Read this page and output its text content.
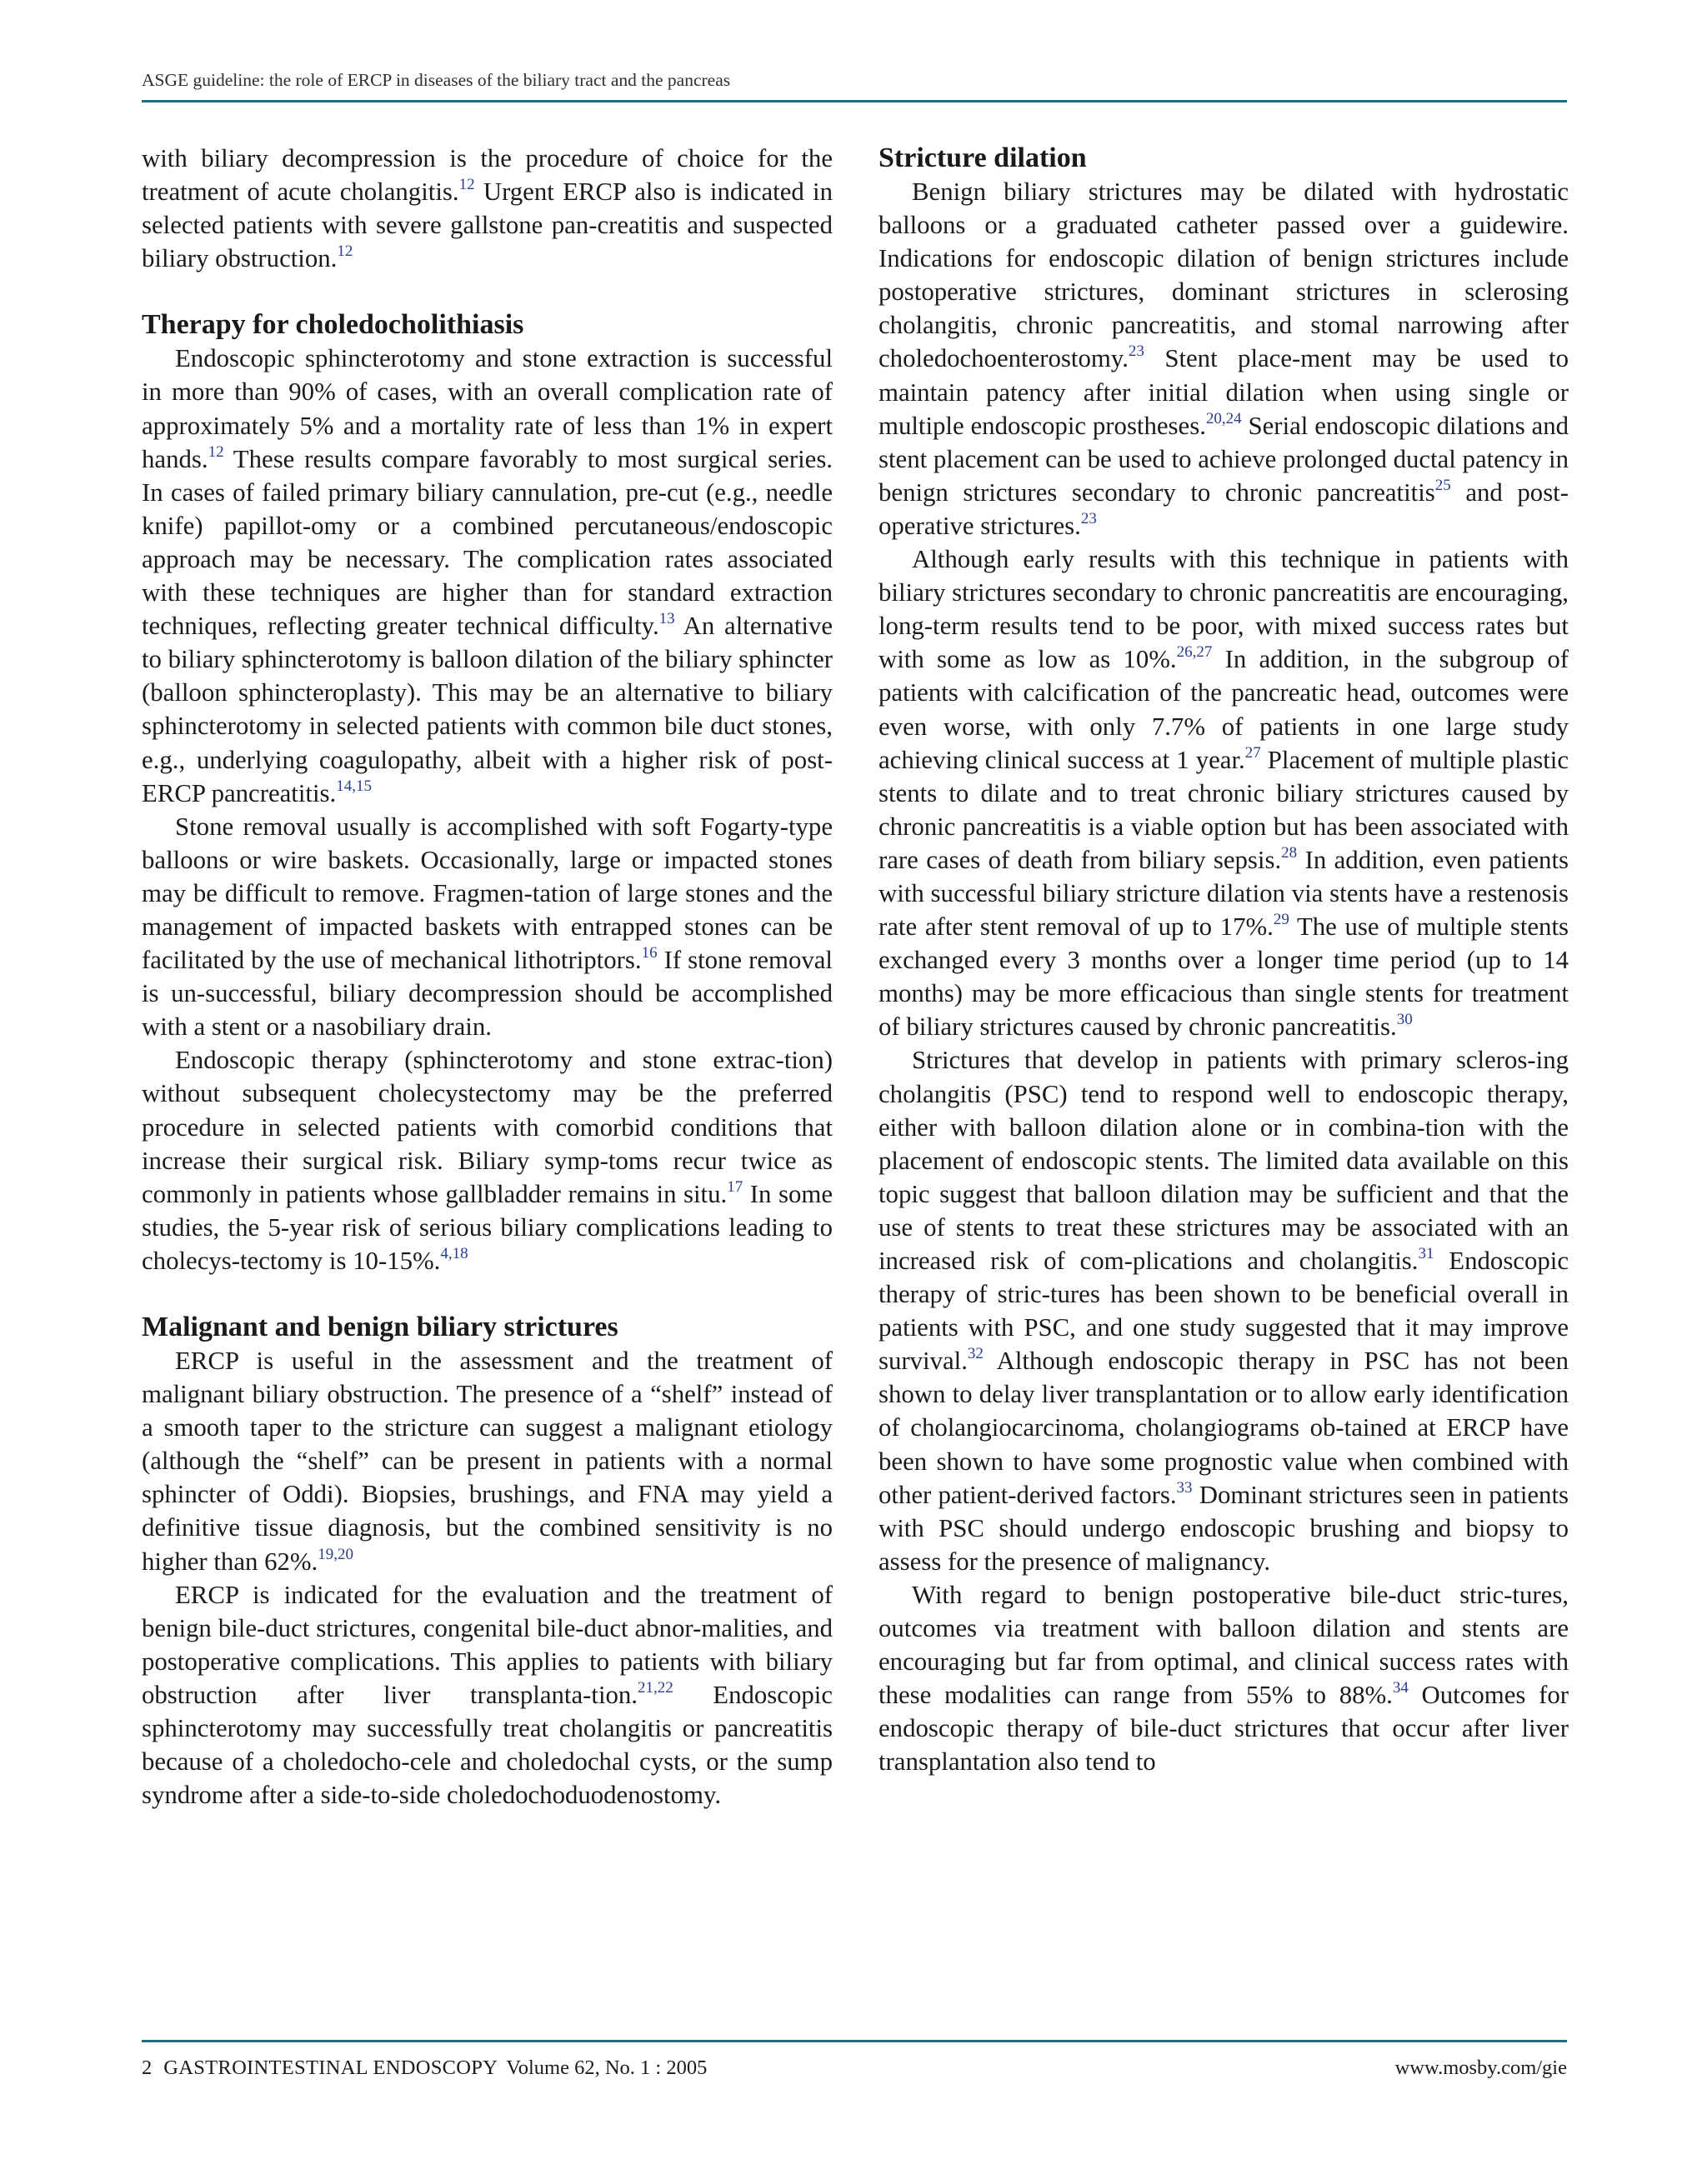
ASGE guideline: the role of ERCP in diseases of the biliary tract and the pancreas

with biliary decompression is the procedure of choice for the treatment of acute cholangitis.$^{12}$ Urgent ERCP also is indicated in selected patients with severe gallstone pan-creatitis and suspected biliary obstruction.$^{12}$

Therapy for choledocholithiasis

Endoscopic sphincterotomy and stone extraction is successful in more than 90% of cases, with an overall complication rate of approximately 5% and a mortality rate of less than 1% in expert hands.$^{12}$ These results compare favorably to most surgical series. In cases of failed primary biliary cannulation, pre-cut (e.g., needle knife) papillot-omy or a combined percutaneous/endoscopic approach may be necessary. The complication rates associated with these techniques are higher than for standard extraction techniques, reflecting greater technical difficulty.$^{13}$ An alternative to biliary sphincterotomy is balloon dilation of the biliary sphincter (balloon sphincteroplasty). This may be an alternative to biliary sphincterotomy in selected patients with common bile duct stones, e.g., underlying coagulopathy, albeit with a higher risk of post-ERCP pancreatitis.$^{14,15}$

Stone removal usually is accomplished with soft Fogarty-type balloons or wire baskets. Occasionally, large or impacted stones may be difficult to remove. Fragmen-tation of large stones and the management of impacted baskets with entrapped stones can be facilitated by the use of mechanical lithotriptors.$^{16}$ If stone removal is un-successful, biliary decompression should be accomplished with a stent or a nasobiliary drain.

Endoscopic therapy (sphincterotomy and stone extrac-tion) without subsequent cholecystectomy may be the preferred procedure in selected patients with comorbid conditions that increase their surgical risk. Biliary symp-toms recur twice as commonly in patients whose gallbladder remains in situ.$^{17}$ In some studies, the 5-year risk of serious biliary complications leading to cholecys-tectomy is 10-15%.$^{4,18}$

Malignant and benign biliary strictures

ERCP is useful in the assessment and the treatment of malignant biliary obstruction. The presence of a “shelf” instead of a smooth taper to the stricture can suggest a malignant etiology (although the “shelf” can be present in patients with a normal sphincter of Oddi). Biopsies, brushings, and FNA may yield a definitive tissue diagnosis, but the combined sensitivity is no higher than 62%.$^{19,20}$

ERCP is indicated for the evaluation and the treatment of benign bile-duct strictures, congenital bile-duct abnor-malities, and postoperative complications. This applies to patients with biliary obstruction after liver transplanta-tion.$^{21,22}$ Endoscopic sphincterotomy may successfully treat cholangitis or pancreatitis because of a choledocho-cele and choledochal cysts, or the sump syndrome after a side-to-side choledochoduodenostomy.

Stricture dilation

Benign biliary strictures may be dilated with hydrostatic balloons or a graduated catheter passed over a guidewire. Indications for endoscopic dilation of benign strictures include postoperative strictures, dominant strictures in sclerosing cholangitis, chronic pancreatitis, and stomal narrowing after choledochoenterostomy.$^{23}$ Stent place-ment may be used to maintain patency after initial dilation when using single or multiple endoscopic prostheses.$^{20,24}$ Serial endoscopic dilations and stent placement can be used to achieve prolonged ductal patency in benign strictures secondary to chronic pancreatitis$^{25}$ and post-operative strictures.$^{23}$

Although early results with this technique in patients with biliary strictures secondary to chronic pancreatitis are encouraging, long-term results tend to be poor, with mixed success rates but with some as low as 10%.$^{26,27}$ In addition, in the subgroup of patients with calcification of the pancreatic head, outcomes were even worse, with only 7.7% of patients in one large study achieving clinical success at 1 year.$^{27}$ Placement of multiple plastic stents to dilate and to treat chronic biliary strictures caused by chronic pancreatitis is a viable option but has been associated with rare cases of death from biliary sepsis.$^{28}$ In addition, even patients with successful biliary stricture dilation via stents have a restenosis rate after stent removal of up to 17%.$^{29}$ The use of multiple stents exchanged every 3 months over a longer time period (up to 14 months) may be more efficacious than single stents for treatment of biliary strictures caused by chronic pancreatitis.$^{30}$

Strictures that develop in patients with primary scleros-ing cholangitis (PSC) tend to respond well to endoscopic therapy, either with balloon dilation alone or in combina-tion with the placement of endoscopic stents. The limited data available on this topic suggest that balloon dilation may be sufficient and that the use of stents to treat these strictures may be associated with an increased risk of com-plications and cholangitis.$^{31}$ Endoscopic therapy of stric-tures has been shown to be beneficial overall in patients with PSC, and one study suggested that it may improve survival.$^{32}$ Although endoscopic therapy in PSC has not been shown to delay liver transplantation or to allow early identification of cholangiocarcinoma, cholangiograms ob-tained at ERCP have been shown to have some prognostic value when combined with other patient-derived factors.$^{33}$ Dominant strictures seen in patients with PSC should undergo endoscopic brushing and biopsy to assess for the presence of malignancy.

With regard to benign postoperative bile-duct stric-tures, outcomes via treatment with balloon dilation and stents are encouraging but far from optimal, and clinical success rates with these modalities can range from 55% to 88%.$^{34}$ Outcomes for endoscopic therapy of bile-duct strictures that occur after liver transplantation also tend to

2 GASTROINTESTINAL ENDOSCOPY Volume 62, No. 1 : 2005	www.mosby.com/gie
